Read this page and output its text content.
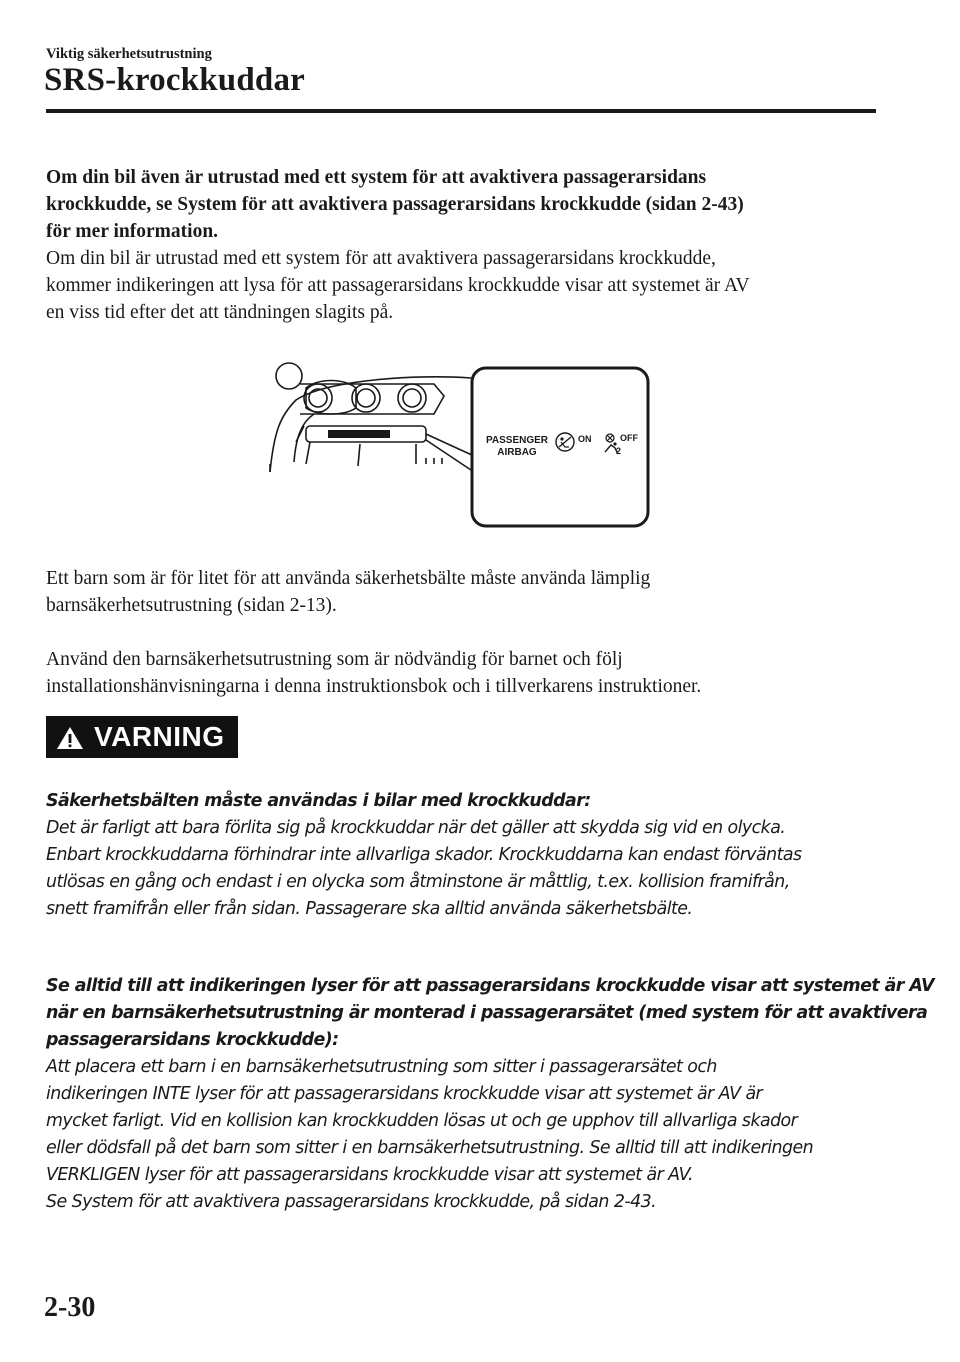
Viktig säkerhetsutrustning
SRS-krockkuddar
Om din bil även är utrustad med ett system för att avaktivera passagerarsidans
krockkudde, se System för att avaktivera passagerarsidans krockkudde (sidan 2-43)
för mer information.
Om din bil är utrustad med ett system för att avaktivera passagerarsidans krockkudde,
kommer indikeringen att lysa för att passagerarsidans krockkudde visar att systemet är AV
en viss tid efter det att tändningen slagits på.
PASSENGER
AIRBAG
ON	OFF
2
Ett barn som är för litet för att använda säkerhetsbälte måste använda lämplig
barnsäkerhetsutrustning (sidan 2-13).
Använd den barnsäkerhetsutrustning som är nödvändig för barnet och följ
installationshänvisningarna i denna instruktionsbok och i tillverkarens instruktioner.
VARNING
Säkerhetsbälten måste användas i bilar med krockkuddar:
Det är farligt att bara förlita sig på krockkuddar när det gäller att skydda sig vid en olycka.
Enbart krockkuddarna förhindrar inte allvarliga skador. Krockkuddarna kan endast förväntas
utlösas en gång och endast i en olycka som åtminstone är måttlig, t.ex. kollision framifrån,
snett framifrån eller från sidan. Passagerare ska alltid använda säkerhetsbälte.
Se alltid till att indikeringen lyser för att passagerarsidans krockkudde visar att systemet är AV
när en barnsäkerhetsutrustning är monterad i passagerarsätet (med system för att avaktivera
passagerarsidans krockkudde):
Att placera ett barn i en barnsäkerhetsutrustning som sitter i passagerarsätet och
indikeringen INTE lyser för att passagerarsidans krockkudde visar att systemet är AV är
mycket farligt. Vid en kollision kan krockkudden lösas ut och ge upphov till allvarliga skador
eller dödsfall på det barn som sitter i en barnsäkerhetsutrustning. Se alltid till att indikeringen
VERKLIGEN lyser för att passagerarsidans krockkudde visar att systemet är AV.
Se System för att avaktivera passagerarsidans krockkudde, på sidan 2-43.
2-30
